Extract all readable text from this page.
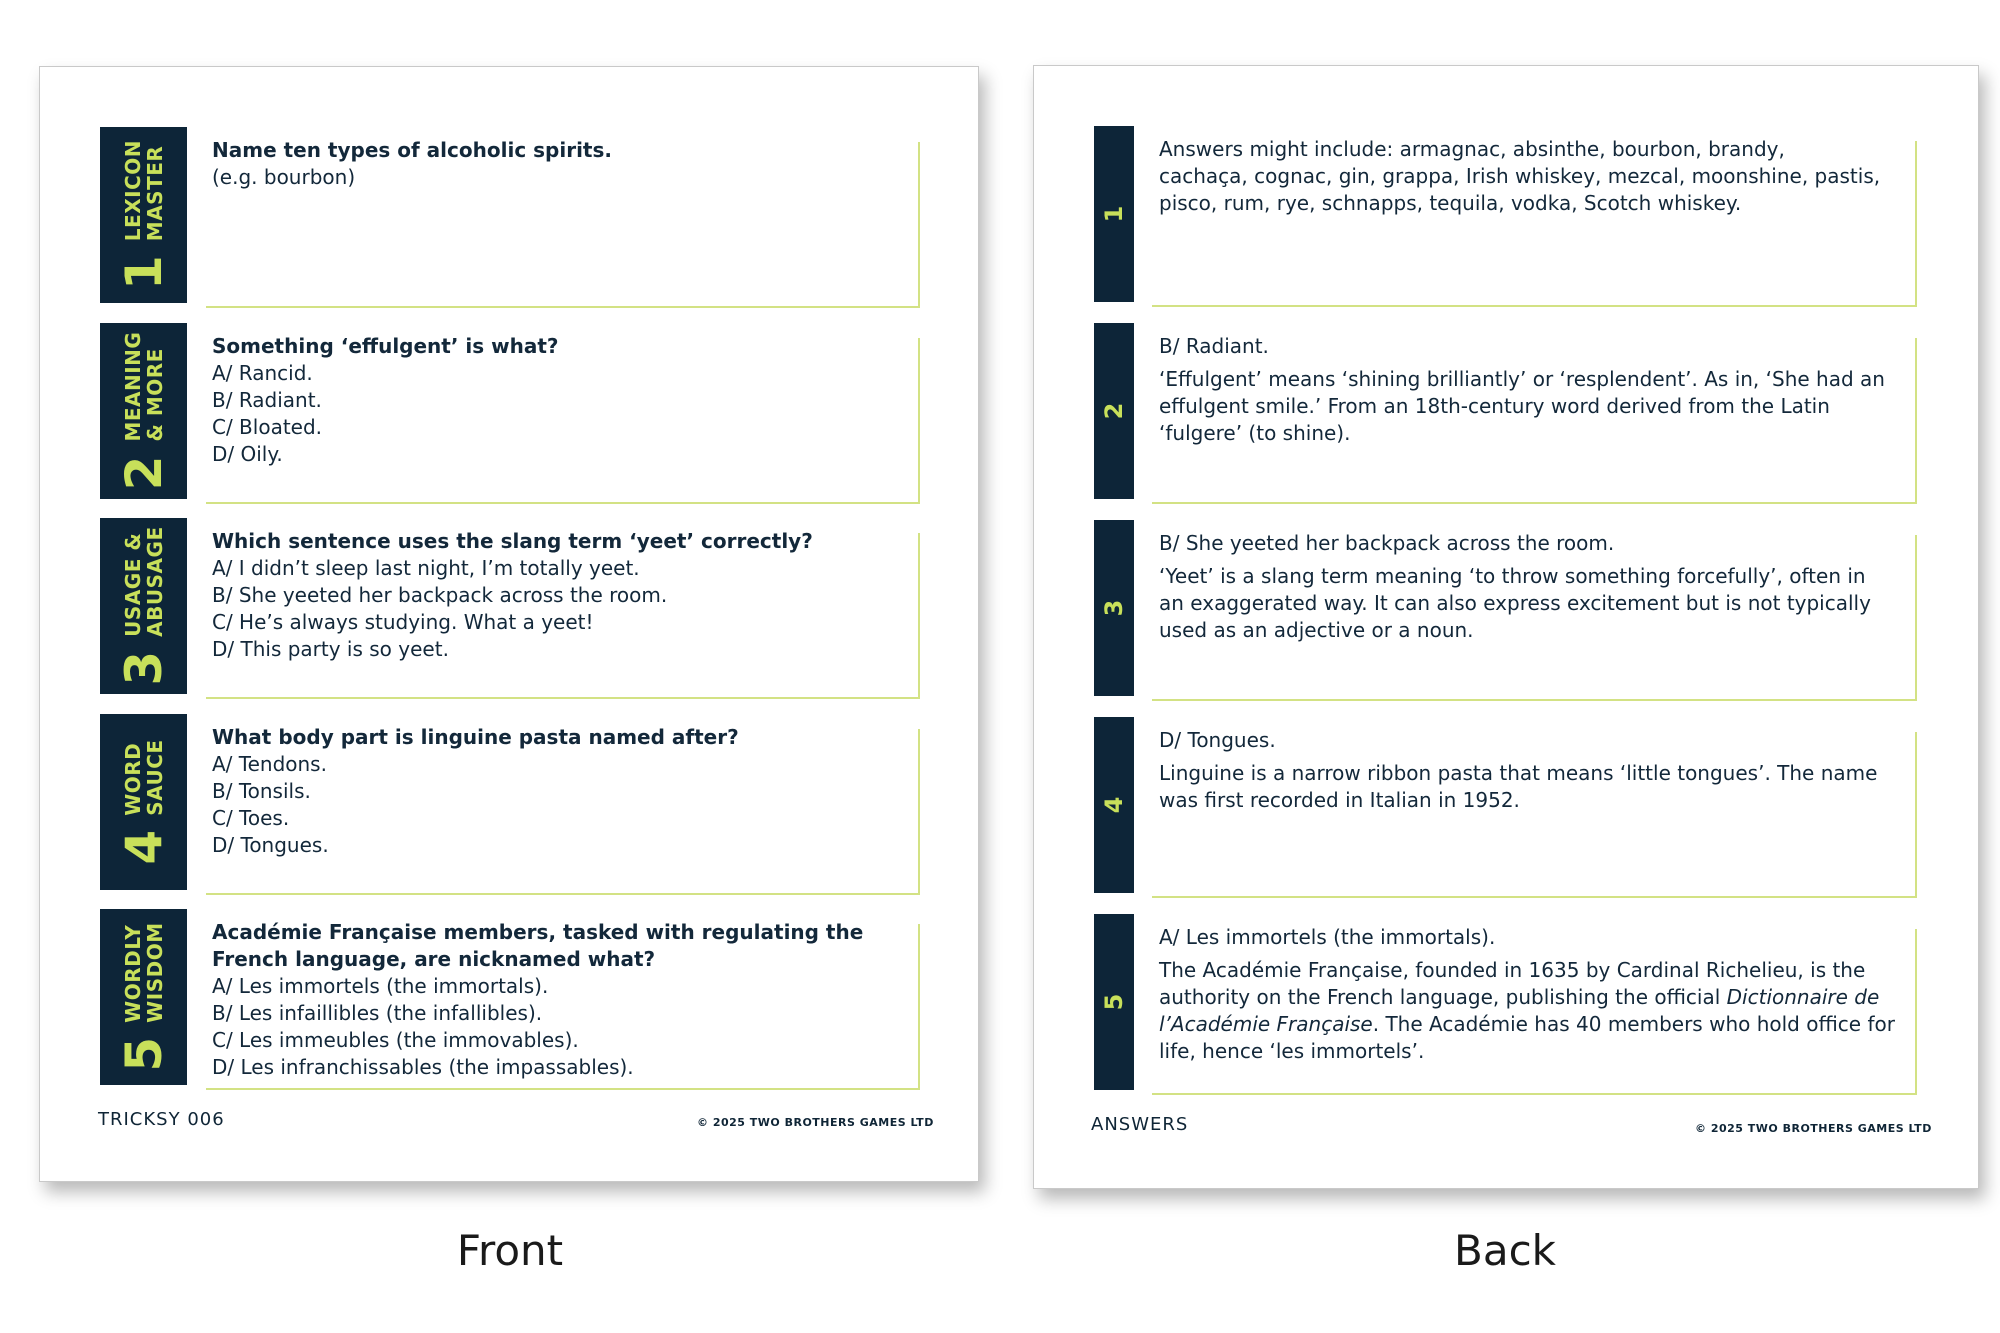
1
LEXICON
MASTER Name ten types of alcoholic spirits.
(e.g. bourbon)
2
MEANING
& MORE
Something ‘effulgent’ is what?
A/ Rancid.
B/ Radiant.
C/ Bloated.
D/ Oily.
3
USAGE &
ABUSAGE Which sentence uses the slang term ‘yeet’ correctly?
A/ I didn’t sleep last night, I’m totally yeet.
B/ She yeeted her backpack across the room.
C/ He’s always studying. What a yeet!
D/ This party is so yeet.
4
WORD
SAUCE
What body part is linguine pasta named after?
A/ Tendons.
B/ Tonsils.
C/ Toes.
D/ Tongues.
5
WORDLY
WISDOM Académie Française members, tasked with regulating the
French language, are nicknamed what?
A/ Les immortels (the immortals).
B/ Les infaillibles (the infallibles).
C/ Les immeubles (the immovables).
D/ Les infranchissables (the impassables).
TRICKSY 006	© 2025 TWO BROTHERS GAMES LTD
1
Answers might include: armagnac, absinthe, bourbon, brandy,
cachaça, cognac, gin, grappa, Irish whiskey, mezcal, moonshine, pastis,
pisco, rum, rye, schnapps, tequila, vodka, Scotch whiskey.
2
B/ Radiant.
‘Effulgent’ means ‘shining brilliantly’ or ‘resplendent’. As in, ‘She had an
effulgent smile.’ From an 18th-century word derived from the Latin
‘fulgere’ (to shine).
3
B/ She yeeted her backpack across the room.
‘Yeet’ is a slang term meaning ‘to throw something forcefully’, often in
an exaggerated way. It can also express excitement but is not typically
used as an adjective or a noun.
4
D/ Tongues.
Linguine is a narrow ribbon pasta that means ‘little tongues’. The name
was first recorded in Italian in 1952.
5
A/ Les immortels (the immortals).
The Académie Française, founded in 1635 by Cardinal Richelieu, is the
authority on the French language, publishing the official Dictionnaire de
l’Académie Française. The Académie has 40 members who hold office for
life, hence ‘les immortels’.
ANSWERS	© 2025 TWO BROTHERS GAMES LTD
Front	Back
